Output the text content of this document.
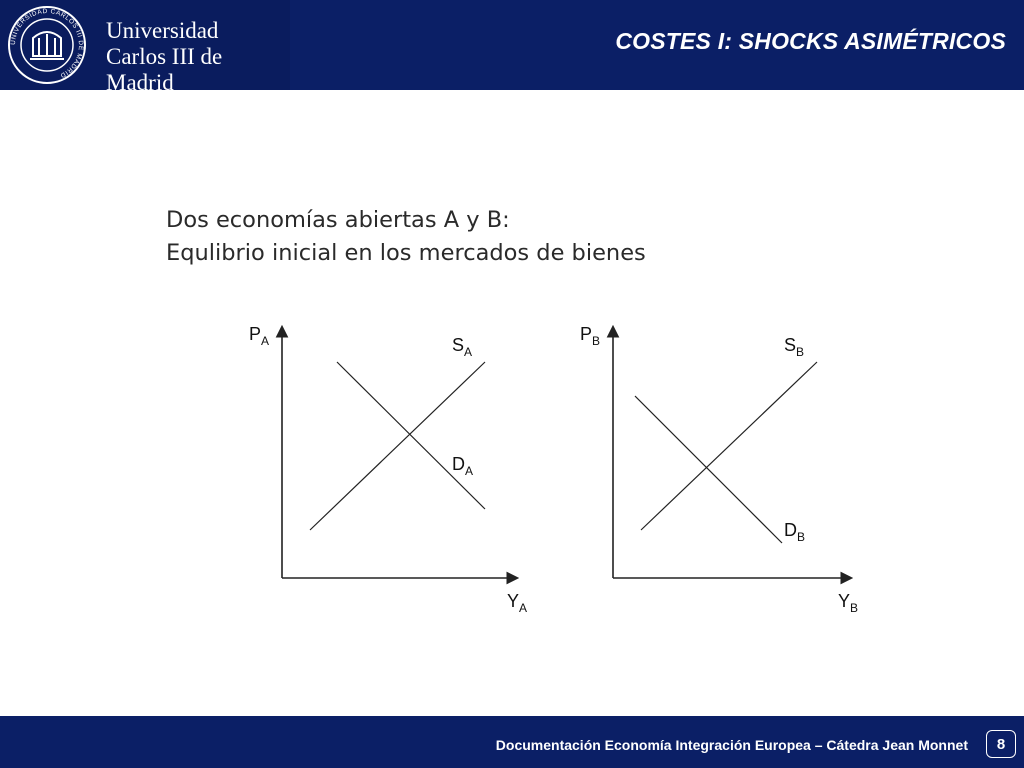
UNIVERSIDAD CARLOS III DE MADRID
Universidad
Carlos III de Madrid
COSTES I: SHOCKS ASIMÉTRICOS
Dos economías abiertas A y B:
Equlibrio inicial en los mercados de bienes
$P_A$
$Y_A$
$S_A$
$D_A$
$P_B$
$Y_B$
$S_B$
$D_B$
Documentación Economía Integración Europea – Cátedra Jean Monnet	8
